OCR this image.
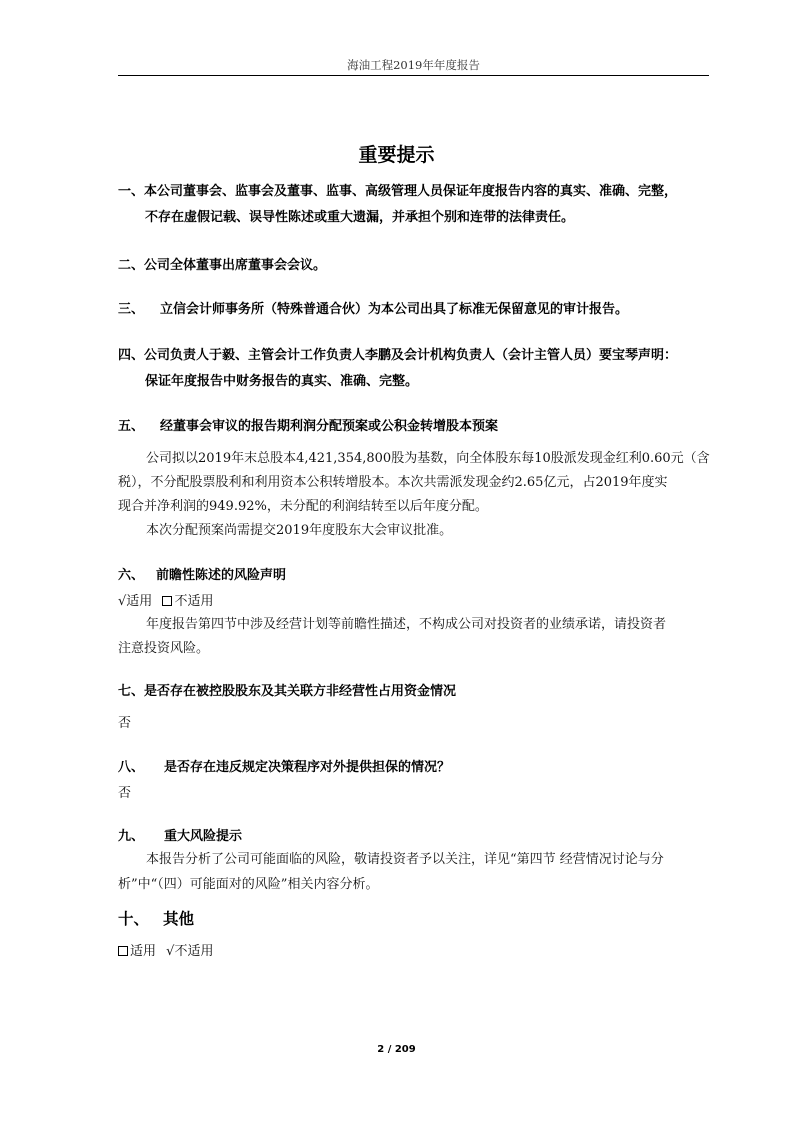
海油工程2019年年度报告
重要提示
一、本公司董事会、监事会及董事、监事、高级管理人员保证年度报告内容的真实、准确、完整，
不存在虚假记载、误导性陈述或重大遗漏，并承担个别和连带的法律责任。
二、公司全体董事出席董事会会议。
三、 立信会计师事务所（特殊普通合伙）为本公司出具了标准无保留意见的审计报告。
四、公司负责人于毅、主管会计工作负责人李鹏及会计机构负责人（会计主管人员）要宝琴声明：
保证年度报告中财务报告的真实、准确、完整。
五、 经董事会审议的报告期利润分配预案或公积金转增股本预案
公司拟以2019年末总股本4,421,354,800股为基数，向全体股东每10股派发现金红利0.60元（含
税），不分配股票股利和利用资本公积转增股本。本次共需派发现金约2.65亿元，占2019年度实
现合并净利润的949.92%，未分配的利润结转至以后年度分配。
本次分配预案尚需提交2019年度股东大会审议批准。
六、 前瞻性陈述的风险声明
√适用 不适用
年度报告第四节中涉及经营计划等前瞻性描述，不构成公司对投资者的业绩承诺，请投资者
注意投资风险。
七、是否存在被控股股东及其关联方非经营性占用资金情况
否
八、 是否存在违反规定决策程序对外提供担保的情况？
否
九、 重大风险提示
本报告分析了公司可能面临的风险，敬请投资者予以关注，详见“第四节 经营情况讨论与分
析”中“（四）可能面对的风险”相关内容分析。
十、 其他
适用 √不适用
2 / 209
